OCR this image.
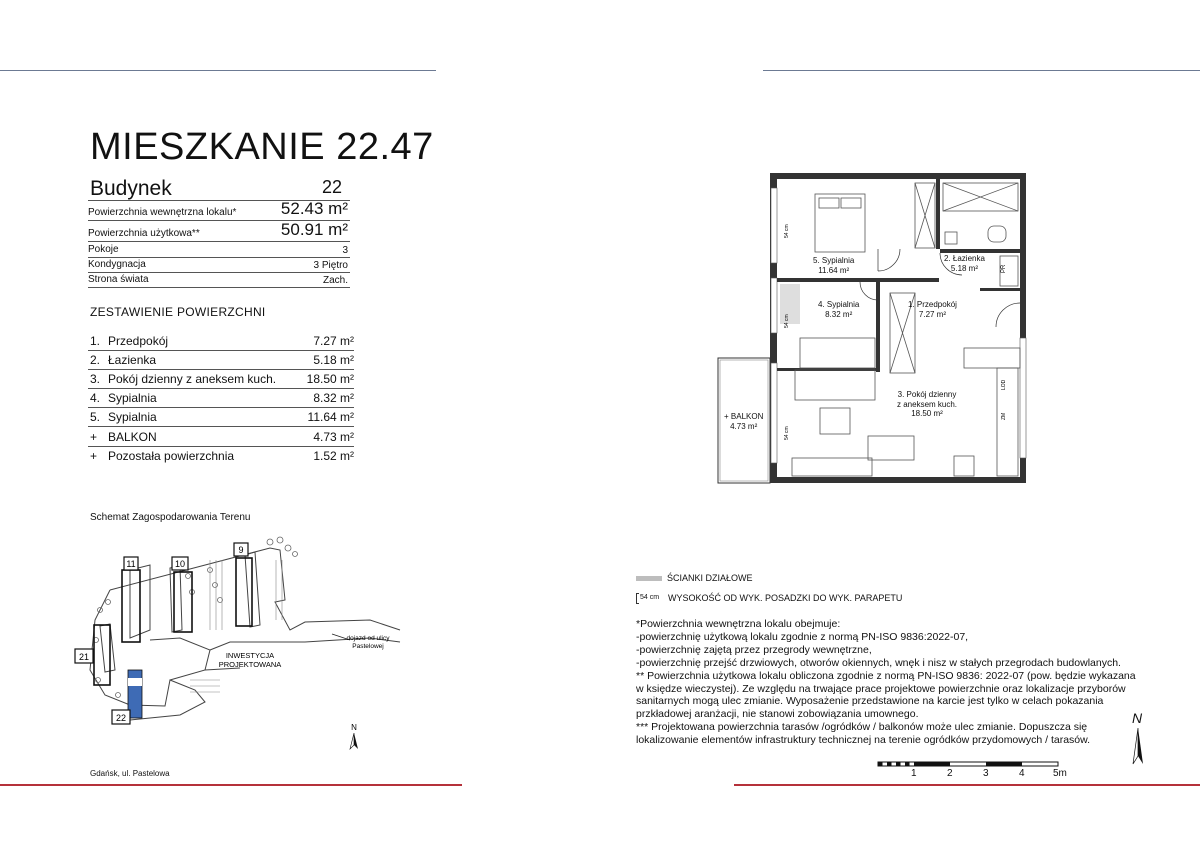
MIESZKANIE 22.47
Budynek	22
Powierzchnia wewnętrzna lokalu*	52.43 m²
Powierzchnia użytkowa**	50.91 m²
Pokoje	3
Kondygnacja	3 Piętro
Strona świata	Zach.
ZESTAWIENIE POWIERZCHNI
1. Przedpokój	7.27 m²
2. Łazienka	5.18 m²
3. Pokój dzienny z aneksem kuch.	18.50 m²
4. Sypialnia	8.32 m²
5. Sypialnia	11.64 m²
+ BALKON	4.73 m²
+ Pozostała powierzchnia	1.52 m²
Schemat Zagospodarowania Terenu
11	10
9
21
22
INWESTYCJA
PROJEKTOWANA
dojazd od ulicy
Pastelowej
N
Gdańsk, ul. Pastelowa
54 cm
54 cm
54 cm
PR
LOD
ZM
5. Sypialnia
11.64 m²
2. Łazienka
5.18 m²
4. Sypialnia
8.32 m²
1. Przedpokój
7.27 m²
3. Pokój dzienny
z aneksem kuch.
18.50 m²
+ BALKON
4.73 m²
ŚCIANKI DZIAŁOWE
54 cm WYSOKOŚĆ OD WYK. POSADZKI DO WYK. PARAPETU
*Powierzchnia wewnętrzna lokalu obejmuje:
-powierzchnię użytkową lokalu zgodnie z normą PN-ISO 9836:2022-07,
-powierzchnię zajętą przez przegrody wewnętrzne,
-powierzchnię przejść drzwiowych, otworów okiennych, wnęk i nisz w stałych przegrodach budowlanych.
** Powierzchnia użytkowa lokalu obliczona zgodnie z normą PN-ISO 9836: 2022-07 (pow. będzie wykazana
w księdze wieczystej). Ze względu na trwające prace projektowe powierzchnie oraz lokalizacje przyborów
sanitarnych mogą ulec zmianie. Wyposażenie przedstawione na karcie jest tylko w celach pokazania
przkładowej aranżacji, nie stanowi zobowiązania umownego.
*** Projektowana powierzchnia tarasów /ogródków / balkonów może ulec zmianie. Dopuszcza się
lokalizowanie elementów infrastruktury technicznej na terenie ogródków przydomowych / tarasów.
N
1	2	3	4	5m
